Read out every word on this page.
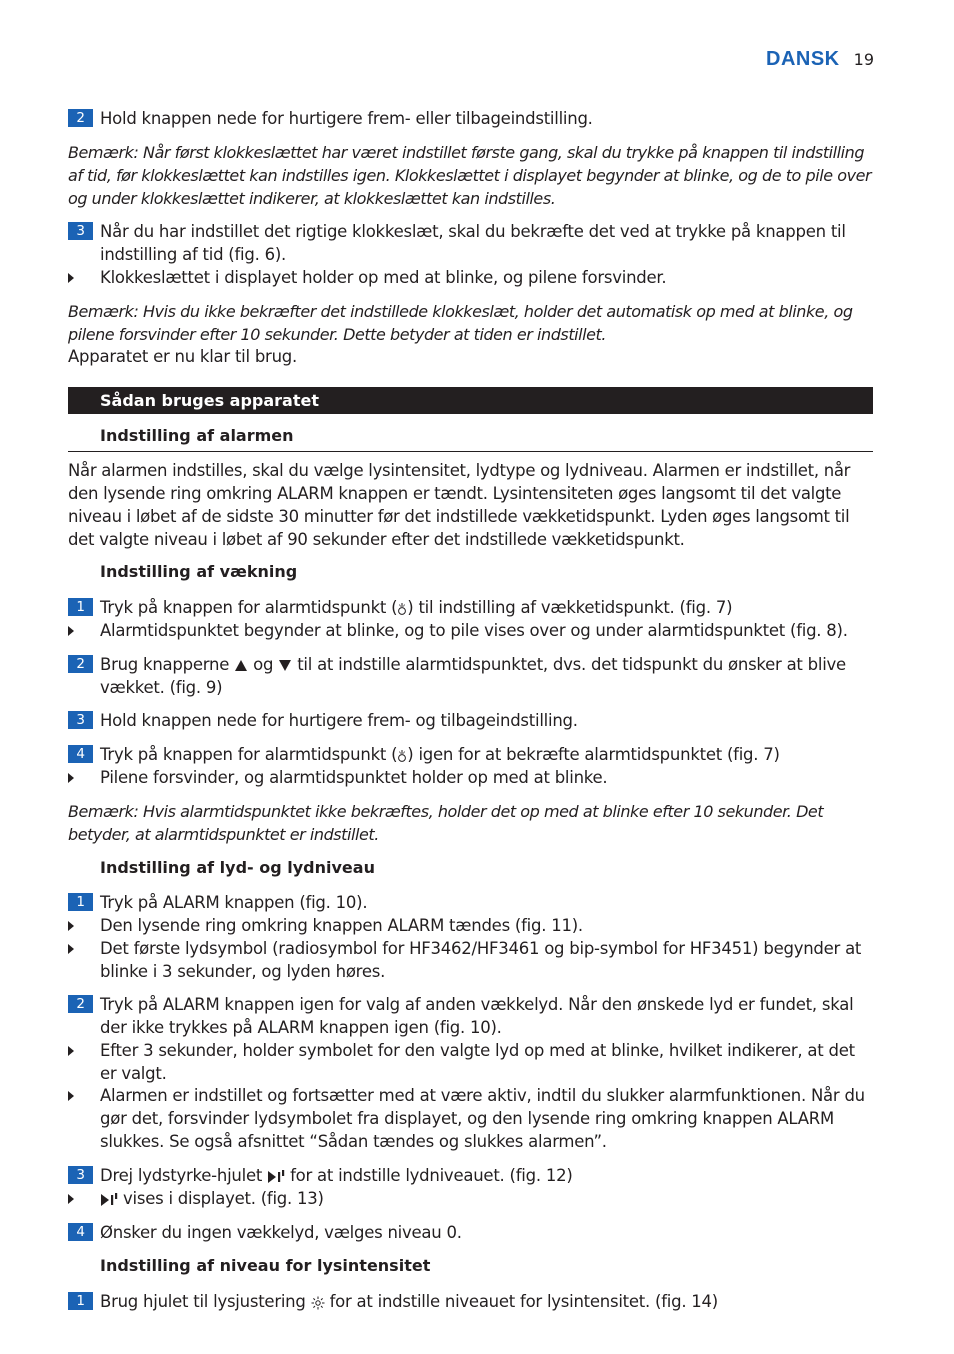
DANSK 19
2 Hold knappen nede for hurtigere frem- eller tilbageindstilling.

Bemærk: Når først klokkeslættet har været indstillet første gang, skal du trykke på knappen til indstilling af tid, før klokkeslættet kan indstilles igen. Klokkeslættet i displayet begynder at blinke, og de to pile over og under klokkeslættet indikerer, at klokkeslættet kan indstilles.

3 Når du har indstillet det rigtige klokkeslæt, skal du bekræfte det ved at trykke på knappen til indstilling af tid (fig. 6).
Klokkeslættet i displayet holder op med at blinke, og pilene forsvinder.

Bemærk: Hvis du ikke bekræfter det indstillede klokkeslæt, holder det automatisk op med at blinke, og pilene forsvinder efter 10 sekunder. Dette betyder at tiden er indstillet.

Apparatet er nu klar til brug.

Sådan bruges apparatet
Indstilling af alarmen

Når alarmen indstilles, skal du vælge lysintensitet, lydtype og lydniveau. Alarmen er indstillet, når den lysende ring omkring ALARM knappen er tændt. Lysintensiteten øges langsomt til det valgte niveau i løbet af de sidste 30 minutter før det indstillede vækketidspunkt. Lyden øges langsomt til det valgte niveau i løbet af 90 sekunder efter det indstillede vækketidspunkt.

Indstilling af vækning
1 Tryk på knappen for alarmtidspunkt ( ) til indstilling af vækketidspunkt. (fig. 7)
Alarmtidspunktet begynder at blinke, og to pile vises over og under alarmtidspunktet (fig. 8).
2 Brug knapperne og til at indstille alarmtidspunktet, dvs. det tidspunkt du ønsker at blive vækket. (fig. 9)
3 Hold knappen nede for hurtigere frem- og tilbageindstilling.
4 Tryk på knappen for alarmtidspunkt ( ) igen for at bekræfte alarmtidspunktet (fig. 7)
Pilene forsvinder, og alarmtidspunktet holder op med at blinke.

Bemærk: Hvis alarmtidspunktet ikke bekræftes, holder det op med at blinke efter 10 sekunder. Det betyder, at alarmtidspunktet er indstillet.

Indstilling af lyd- og lydniveau
1 Tryk på ALARM knappen (fig. 10).
Den lysende ring omkring knappen ALARM tændes (fig. 11).
Det første lydsymbol (radiosymbol for HF3462/HF3461 og bip-symbol for HF3451) begynder at blinke i 3 sekunder, og lyden høres.
2 Tryk på ALARM knappen igen for valg af anden vækkelyd. Når den ønskede lyd er fundet, skal der ikke trykkes på ALARM knappen igen (fig. 10).
Efter 3 sekunder, holder symbolet for den valgte lyd op med at blinke, hvilket indikerer, at det er valgt.
Alarmen er indstillet og fortsætter med at være aktiv, indtil du slukker alarmfunktionen. Når du gør det, forsvinder lydsymbolet fra displayet, og den lysende ring omkring knappen ALARM slukkes. Se også afsnittet “Sådan tændes og slukkes alarmen”.
3 Drej lydstyrke-hjulet for at indstille lydniveauet. (fig. 12)
vises i displayet. (fig. 13)
4 Ønsker du ingen vækkelyd, vælges niveau 0.
Indstilling af niveau for lysintensitet
1 Brug hjulet til lysjustering for at indstille niveauet for lysintensitet. (fig. 14)
